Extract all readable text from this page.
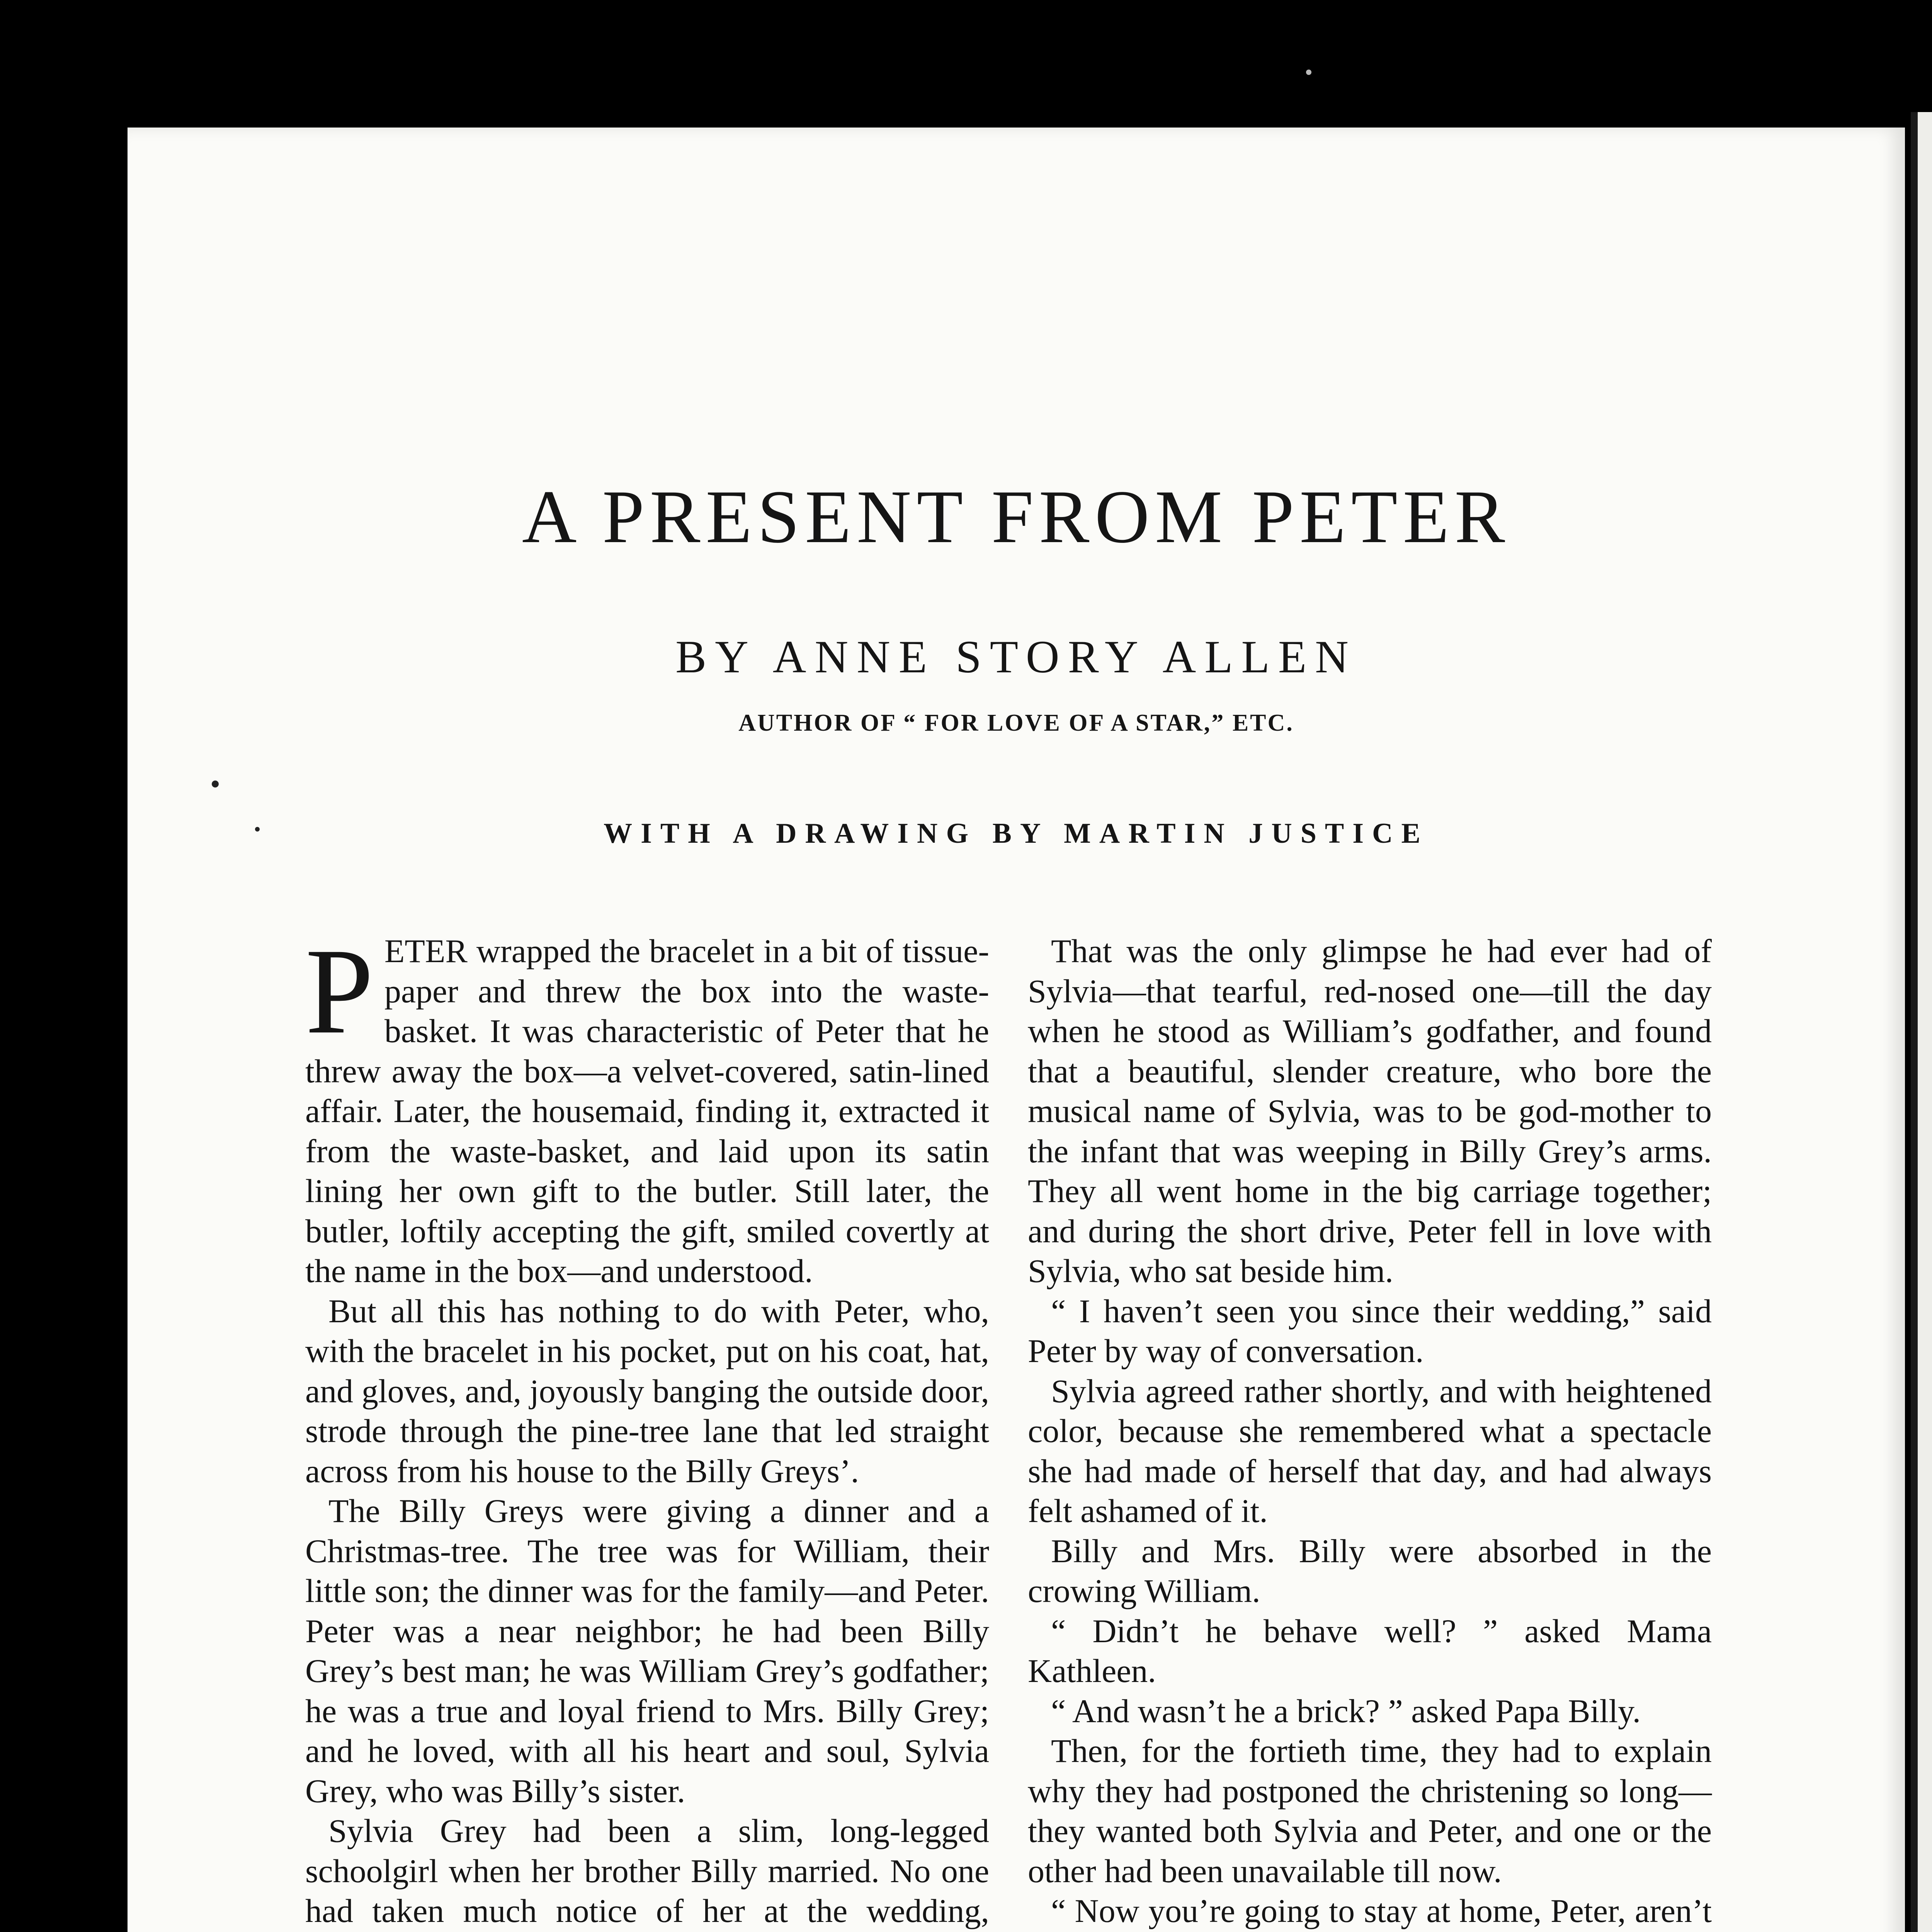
A PRESENT FROM PETER
BY ANNE STORY ALLEN
AUTHOR OF “ FOR LOVE OF A STAR,” ETC.
WITH A DRAWING BY MARTIN JUSTICE

PETER wrapped the bracelet in a bit of tissue-paper and threw the box into the waste-basket. It was characteristic of Peter that he threw away the box—a velvet-covered, satin-lined affair. Later, the housemaid, finding it, extracted it from the waste-basket, and laid upon its satin lining her own gift to the butler. Still later, the butler, loftily accepting the gift, smiled covertly at the name in the box—and understood.

But all this has nothing to do with Peter, who, with the bracelet in his pocket, put on his coat, hat, and gloves, and, joyously banging the outside door, strode through the pine-tree lane that led straight across from his house to the Billy Greys’.

The Billy Greys were giving a dinner and a Christmas-tree. The tree was for William, their little son; the dinner was for the family—and Peter. Peter was a near neighbor; he had been Billy Grey’s best man; he was William Grey’s godfather; he was a true and loyal friend to Mrs. Billy Grey; and he loved, with all his heart and soul, Sylvia Grey, who was Billy’s sister.

Sylvia Grey had been a slim, long-legged schoolgirl when her brother Billy married. No one had taken much notice of her at the wedding,

That was the only glimpse he had ever had of Sylvia—that tearful, red-nosed one—till the day when he stood as William’s godfather, and found that a beautiful, slender creature, who bore the musical name of Sylvia, was to be god-mother to the infant that was weeping in Billy Grey’s arms. They all went home in the big carriage together; and during the short drive, Peter fell in love with Sylvia, who sat beside him.

“ I haven’t seen you since their wedding,” said Peter by way of conversation.

Sylvia agreed rather shortly, and with heightened color, because she remembered what a spectacle she had made of herself that day, and had always felt ashamed of it.

Billy and Mrs. Billy were absorbed in the crowing William.

“ Didn’t he behave well? ” asked Mama Kathleen.

“ And wasn’t he a brick? ” asked Papa Billy.

Then, for the fortieth time, they had to explain why they had postponed the christening so long—they wanted both Sylvia and Peter, and one or the other had been unavailable till now.

“ Now you’re going to stay at home, Peter, aren’t
